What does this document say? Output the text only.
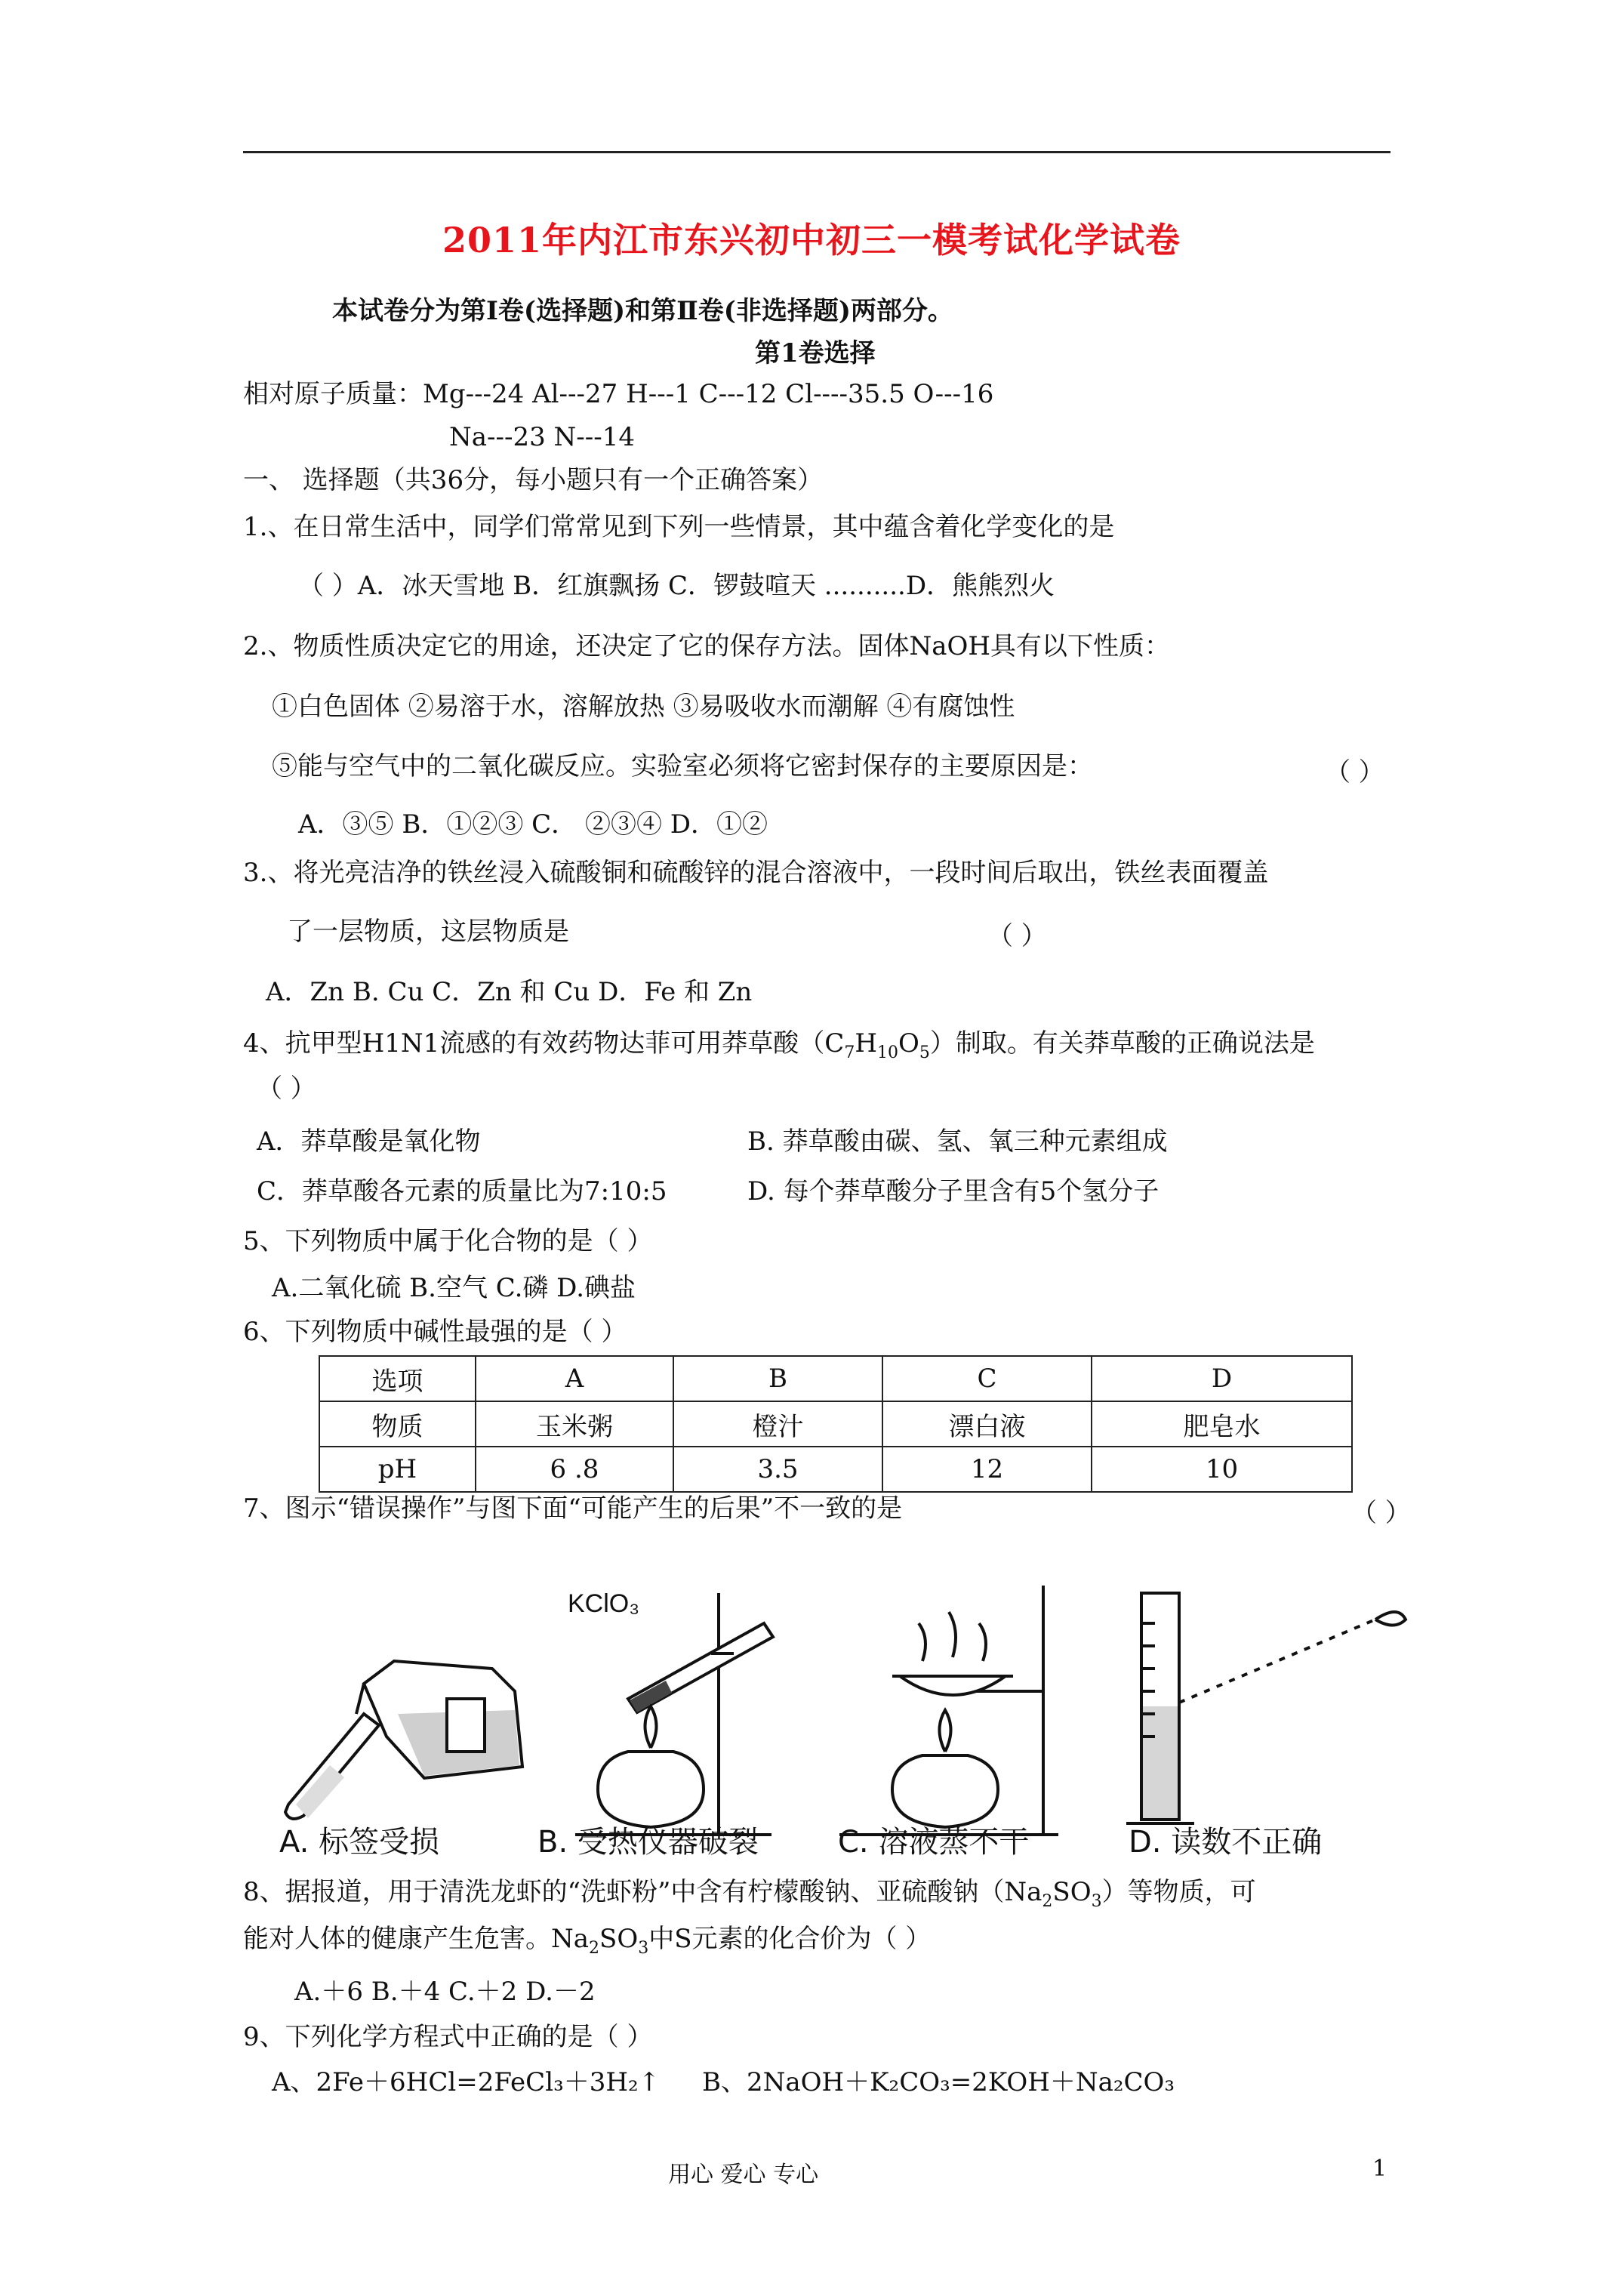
2011年内江市东兴初中初三一模考试化学试卷
本试卷分为第Ⅰ卷(选择题)和第Ⅱ卷(非选择题)两部分。
第1卷选择
相对原子质量：Mg---24 Al---27 H---1 C---12 Cl----35.5 O---16
Na---23 N---14
一、 选择题（共36分，每小题只有一个正确答案）
1.、在日常生活中，同学们常常见到下列一些情景，其中蕴含着化学变化的是
（ ）A．冰天雪地 B．红旗飘扬 C．锣鼓喧天 ..........D．熊熊烈火
2.、物质性质决定它的用途，还决定了它的保存方法。固体NaOH具有以下性质：
①白色固体 ②易溶于水，溶解放热 ③易吸收水而潮解 ④有腐蚀性
⑤能与空气中的二氧化碳反应。实验室必须将它密封保存的主要原因是：	（ ）
A．③⑤ B．①②③ C． ②③④ D．①②
3.、将光亮洁净的铁丝浸入硫酸铜和硫酸锌的混合溶液中，一段时间后取出，铁丝表面覆盖
了一层物质，这层物质是	（ ）
A．Zn B. Cu C．Zn 和 Cu D．Fe 和 Zn
4、抗甲型H1N1流感的有效药物达菲可用莽草酸$(C_7H_{10}O_5)$制取。有关莽草酸的正确说法是
（ ）
A．莽草酸是氧化物	B. 莽草酸由碳、氢、氧三种元素组成
C．莽草酸各元素的质量比为7:10:5	D. 每个莽草酸分子里含有5个氢分子
5、下列物质中属于化合物的是（ ）
A.二氧化硫 B.空气 C.磷 D.碘盐
6、下列物质中碱性最强的是（ ）
选项	A	B	C	D
物质	玉米粥	橙汁	漂白液	肥皂水
pH	6 .8	3.5	12	10
7、图示“错误操作”与图下面“可能产生的后果”不一致的是	（ ）
KClO₃
A. 标签受损	B. 受热仪器破裂	C. 溶液蒸不干	D. 读数不正确
8、据报道，用于清洗龙虾的“洗虾粉”中含有柠檬酸钠、亚硫酸钠$(Na_2SO_3)$等物质，可
能对人体的健康产生危害。$Na_2SO_3$中S元素的化合价为（ ）
A.＋6 B.＋4 C.＋2 D.－2
9、下列化学方程式中正确的是（ ）
A、2Fe＋6HCl=2FeCl₃＋3H₂↑ B、2NaOH＋K₂CO₃=2KOH＋Na₂CO₃
用心 爱心 专心	1
